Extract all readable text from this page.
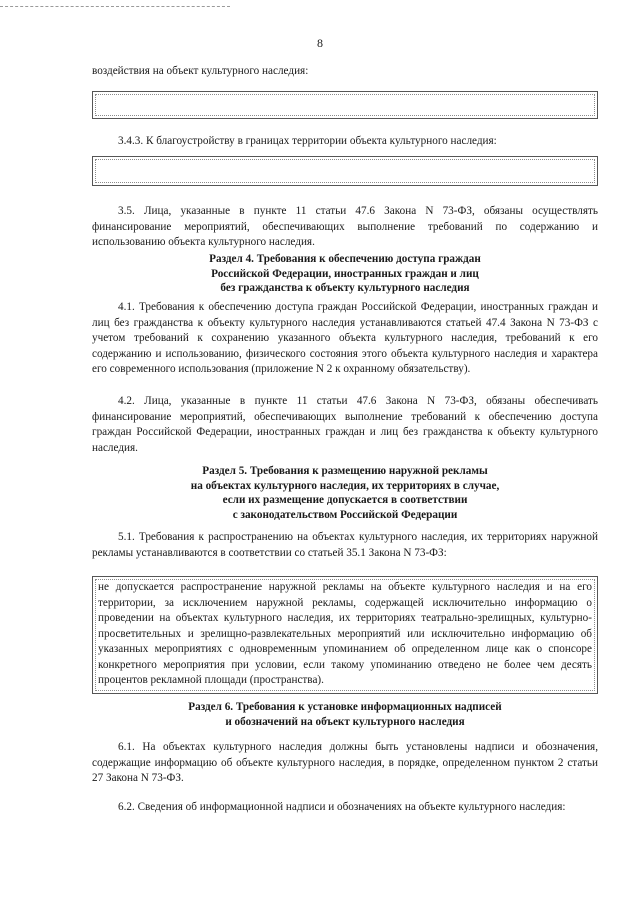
8

воздействия на объект культурного наследия:

3.4.3. К благоустройству в границах территории объекта культурного наследия:

3.5. Лица, указанные в пункте 11 статьи 47.6 Закона N 73-ФЗ, обязаны осуществлять финансирование мероприятий, обеспечивающих выполнение требований по содержанию и использованию объекта культурного наследия.

Раздел 4. Требования к обеспечению доступа граждан
Российской Федерации, иностранных граждан и лиц
без гражданства к объекту культурного наследия

4.1. Требования к обеспечению доступа граждан Российской Федерации, иностранных граждан и лиц без гражданства к объекту культурного наследия устанавливаются статьей 47.4 Закона N 73-ФЗ с учетом требований к сохранению указанного объекта культурного наследия, требований к его содержанию и использованию, физического состояния этого объекта культурного наследия и характера его современного использования (приложение N 2 к охранному обязательству).

4.2. Лица, указанные в пункте 11 статьи 47.6 Закона N 73-ФЗ, обязаны обеспечивать финансирование мероприятий, обеспечивающих выполнение требований к обеспечению доступа граждан Российской Федерации, иностранных граждан и лиц без гражданства к объекту культурного наследия.

Раздел 5. Требования к размещению наружной рекламы
на объектах культурного наследия, их территориях в случае,
если их размещение допускается в соответствии
с законодательством Российской Федерации

5.1. Требования к распространению на объектах культурного наследия, их территориях наружной рекламы устанавливаются в соответствии со статьей 35.1 Закона N 73-ФЗ:

не допускается распространение наружной рекламы на объекте культурного наследия и на его территории, за исключением наружной рекламы, содержащей исключительно информацию о проведении на объектах культурного наследия, их территориях театрально-зрелищных, культурно-просветительных и зрелищно-развлекательных мероприятий или исключительно информацию об указанных мероприятиях с одновременным упоминанием об определенном лице как о спонсоре конкретного мероприятия при условии, если такому упоминанию отведено не более чем десять процентов рекламной площади (пространства).
Раздел 6. Требования к установке информационных надписей
и обозначений на объект культурного наследия

6.1. На объектах культурного наследия должны быть установлены надписи и обозначения, содержащие информацию об объекте культурного наследия, в порядке, определенном пунктом 2 статьи 27 Закона N 73-ФЗ.

6.2. Сведения об информационной надписи и обозначениях на объекте культурного наследия:
